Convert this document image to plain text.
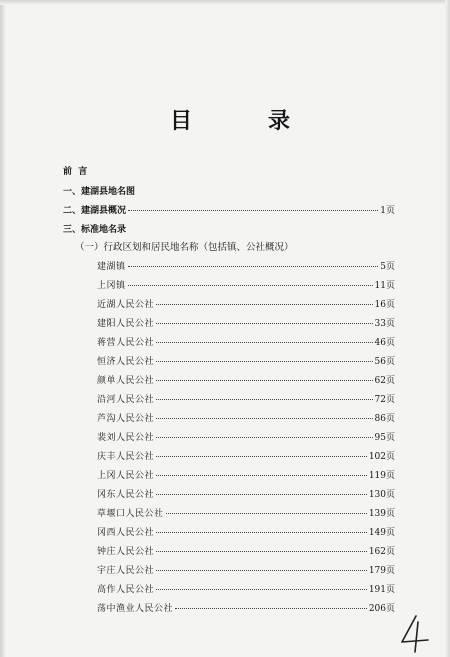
目	录
前  言
一、建湖县地名图
二、建湖县概况	1页
三、标准地名录
（一）行政区划和居民地名称（包括镇、公社概况）
建湖镇	5页
上冈镇	11页
近湖人民公社	16页
建阳人民公社	33页
蒋营人民公社	46页
恒济人民公社	56页
颜单人民公社	62页
沿河人民公社	72页
芦沟人民公社	86页
裴刘人民公社	95页
庆丰人民公社	102页
上冈人民公社	119页
冈东人民公社	130页
草堰口人民公社	139页
冈西人民公社	149页
钟庄人民公社	162页
宇庄人民公社	179页
高作人民公社	191页
荡中渔业人民公社	206页
